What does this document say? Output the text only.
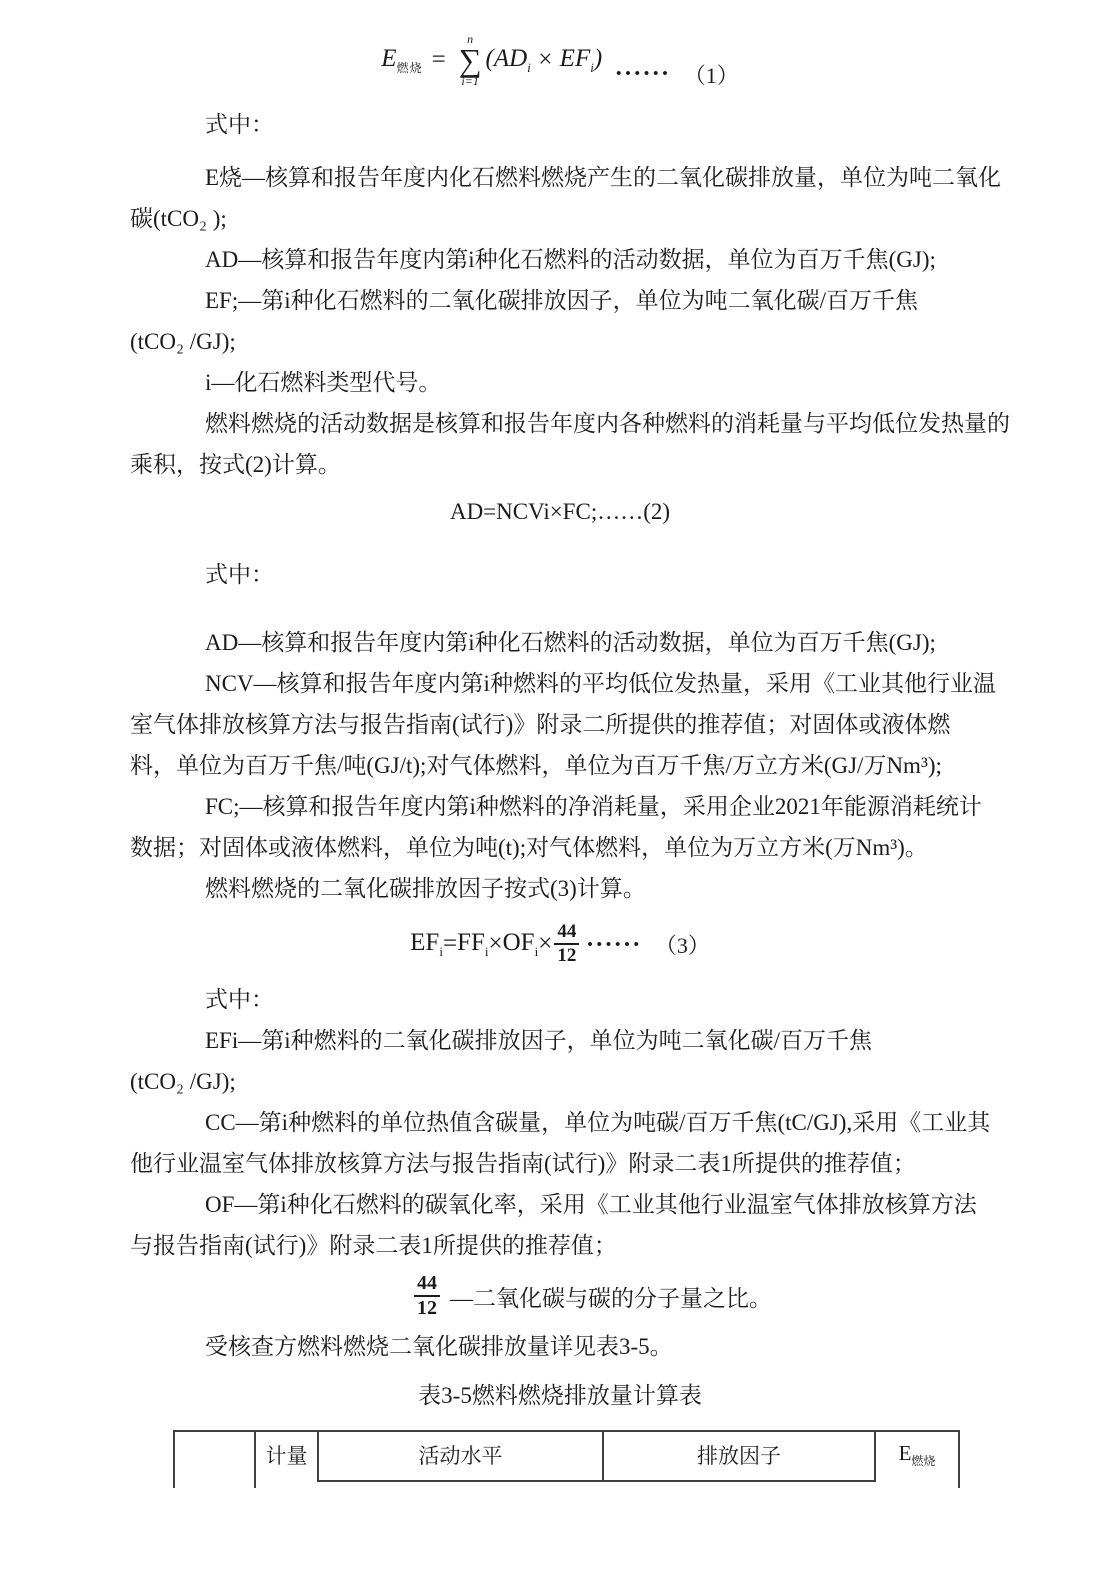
$E_{燃烧}$ =
n
∑
i=1
$(AD_i \times EF_i)$
•••••• （1）
式中：
E烧—核算和报告年度内化石燃料燃烧产生的二氧化碳排放量，单位为吨二氧化
碳(tCO₂ );
AD—核算和报告年度内第i种化石燃料的活动数据，单位为百万千焦(GJ);
EF;—第i种化石燃料的二氧化碳排放因子，单位为吨二氧化碳/百万千焦
(tCO₂ /GJ);
i—化石燃料类型代号。
燃料燃烧的活动数据是核算和报告年度内各种燃料的消耗量与平均低位发热量的
乘积，按式(2)计算。
AD=NCVi×FC;……(2)
式中：
AD—核算和报告年度内第i种化石燃料的活动数据，单位为百万千焦(GJ);
NCV—核算和报告年度内第i种燃料的平均低位发热量，采用《工业其他行业温
室气体排放核算方法与报告指南(试行)》附录二所提供的推荐值；对固体或液体燃
料，单位为百万千焦/吨(GJ/t);对气体燃料，单位为百万千焦/万立方米(GJ/万Nm³);
FC;—核算和报告年度内第i种燃料的净消耗量，采用企业2021年能源消耗统计
数据；对固体或液体燃料，单位为吨(t);对气体燃料，单位为万立方米(万Nm³)。
燃料燃烧的二氧化碳排放因子按式(3)计算。
$EF_i = FF_i \times OF_i \times \frac{44}{12}$ •••••• （3）
式中：
EFi—第i种燃料的二氧化碳排放因子，单位为吨二氧化碳/百万千焦
(tCO₂ /GJ);
CC—第i种燃料的单位热值含碳量，单位为吨碳/百万千焦(tC/GJ),采用《工业其
他行业温室气体排放核算方法与报告指南(试行)》附录二表1所提供的推荐值；
OF—第i种化石燃料的碳氧化率，采用《工业其他行业温室气体排放核算方法
与报告指南(试行)》附录二表1所提供的推荐值；
$\frac{44}{12}$ —二氧化碳与碳的分子量之比。
受核查方燃料燃烧二氧化碳排放量详见表3-5。
表3-5燃料燃烧排放量计算表
计量	活动水平	排放因子	$E_{燃烧}$
